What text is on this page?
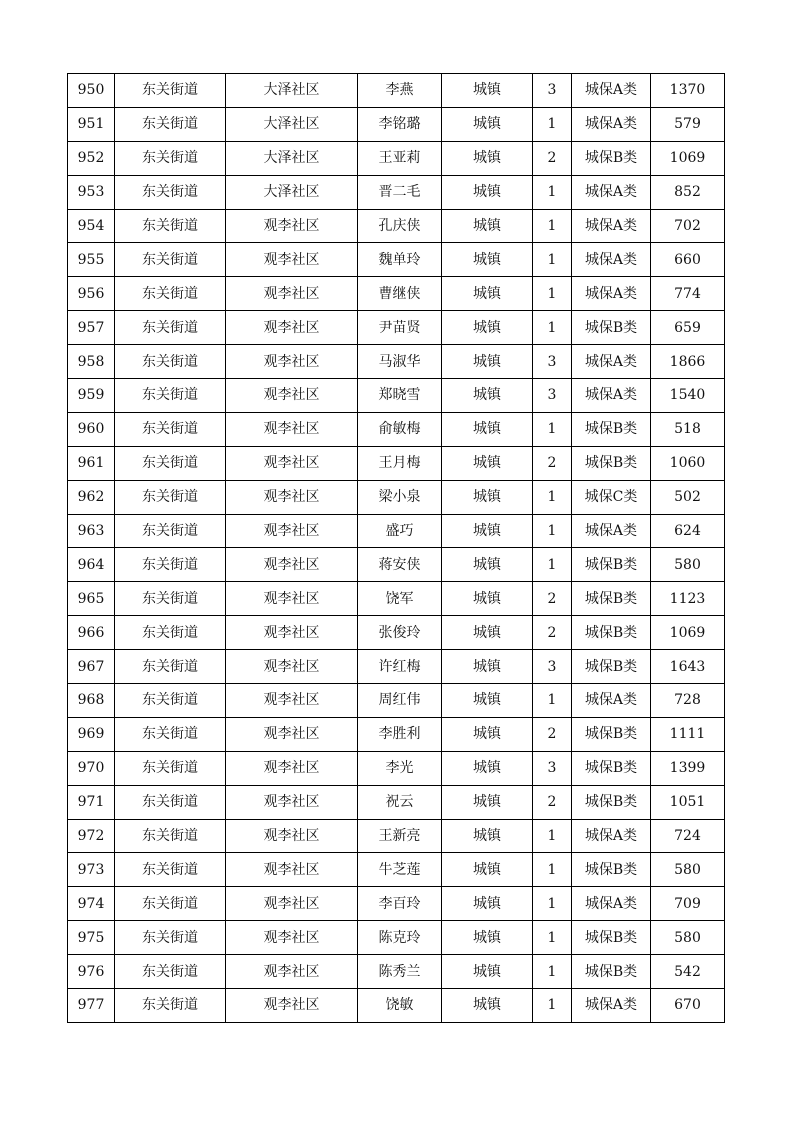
950	东关街道	大泽社区	李燕	城镇	3	城保A类	1370
951	东关街道	大泽社区	李铭璐	城镇	1	城保A类	579
952	东关街道	大泽社区	王亚莉	城镇	2	城保B类	1069
953	东关街道	大泽社区	晋二毛	城镇	1	城保A类	852
954	东关街道	观李社区	孔庆侠	城镇	1	城保A类	702
955	东关街道	观李社区	魏单玲	城镇	1	城保A类	660
956	东关街道	观李社区	曹继侠	城镇	1	城保A类	774
957	东关街道	观李社区	尹苗贤	城镇	1	城保B类	659
958	东关街道	观李社区	马淑华	城镇	3	城保A类	1866
959	东关街道	观李社区	郑晓雪	城镇	3	城保A类	1540
960	东关街道	观李社区	俞敏梅	城镇	1	城保B类	518
961	东关街道	观李社区	王月梅	城镇	2	城保B类	1060
962	东关街道	观李社区	梁小泉	城镇	1	城保C类	502
963	东关街道	观李社区	盛巧	城镇	1	城保A类	624
964	东关街道	观李社区	蒋安侠	城镇	1	城保B类	580
965	东关街道	观李社区	饶军	城镇	2	城保B类	1123
966	东关街道	观李社区	张俊玲	城镇	2	城保B类	1069
967	东关街道	观李社区	许红梅	城镇	3	城保B类	1643
968	东关街道	观李社区	周红伟	城镇	1	城保A类	728
969	东关街道	观李社区	李胜利	城镇	2	城保B类	1111
970	东关街道	观李社区	李光	城镇	3	城保B类	1399
971	东关街道	观李社区	祝云	城镇	2	城保B类	1051
972	东关街道	观李社区	王新亮	城镇	1	城保A类	724
973	东关街道	观李社区	牛芝莲	城镇	1	城保B类	580
974	东关街道	观李社区	李百玲	城镇	1	城保A类	709
975	东关街道	观李社区	陈克玲	城镇	1	城保B类	580
976	东关街道	观李社区	陈秀兰	城镇	1	城保B类	542
977	东关街道	观李社区	饶敏	城镇	1	城保A类	670
